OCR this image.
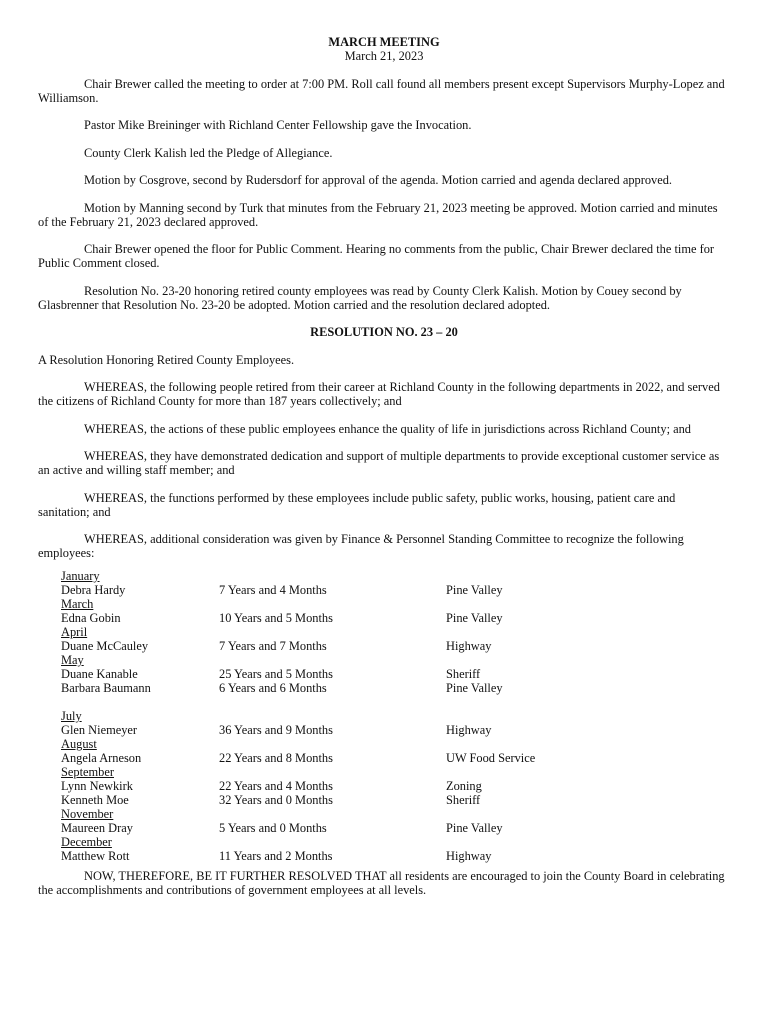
MARCH MEETING
March 21, 2023

Chair Brewer called the meeting to order at 7:00 PM. Roll call found all members present except Supervisors Murphy-Lopez and Williamson.

Pastor Mike Breininger with Richland Center Fellowship gave the Invocation.

County Clerk Kalish led the Pledge of Allegiance.

Motion by Cosgrove, second by Rudersdorf for approval of the agenda. Motion carried and agenda declared approved.

Motion by Manning second by Turk that minutes from the February 21, 2023 meeting be approved. Motion carried and minutes of the February 21, 2023 declared approved.

Chair Brewer opened the floor for Public Comment. Hearing no comments from the public, Chair Brewer declared the time for Public Comment closed.

Resolution No. 23-20 honoring retired county employees was read by County Clerk Kalish. Motion by Couey second by Glasbrenner that Resolution No. 23-20 be adopted. Motion carried and the resolution declared adopted.

RESOLUTION NO. 23 – 20

A Resolution Honoring Retired County Employees.

WHEREAS, the following people retired from their career at Richland County in the following departments in 2022, and served the citizens of Richland County for more than 187 years collectively; and

WHEREAS, the actions of these public employees enhance the quality of life in jurisdictions across Richland County; and

WHEREAS, they have demonstrated dedication and support of multiple departments to provide exceptional customer service as an active and willing staff member; and

WHEREAS, the functions performed by these employees include public safety, public works, housing, patient care and sanitation; and

WHEREAS, additional consideration was given by Finance & Personnel Standing Committee to recognize the following employees:

January
Debra Hardy	7 Years and 4 Months	Pine Valley
March
Edna Gobin	10 Years and 5 Months	Pine Valley
April
Duane McCauley	7 Years and 7 Months	Highway
May
Duane Kanable	25 Years and 5 Months	Sheriff
Barbara Baumann	6 Years and 6 Months	Pine Valley
July
Glen Niemeyer	36 Years and 9 Months	Highway
August
Angela Arneson	22 Years and 8 Months	UW Food Service
September
Lynn Newkirk	22 Years and 4 Months	Zoning
Kenneth Moe	32 Years and 0 Months	Sheriff
November
Maureen Dray	5 Years and 0 Months	Pine Valley
December
Matthew Rott	11 Years and 2 Months	Highway

NOW, THEREFORE, BE IT FURTHER RESOLVED THAT all residents are encouraged to join the County Board in celebrating the accomplishments and contributions of government employees at all levels.
